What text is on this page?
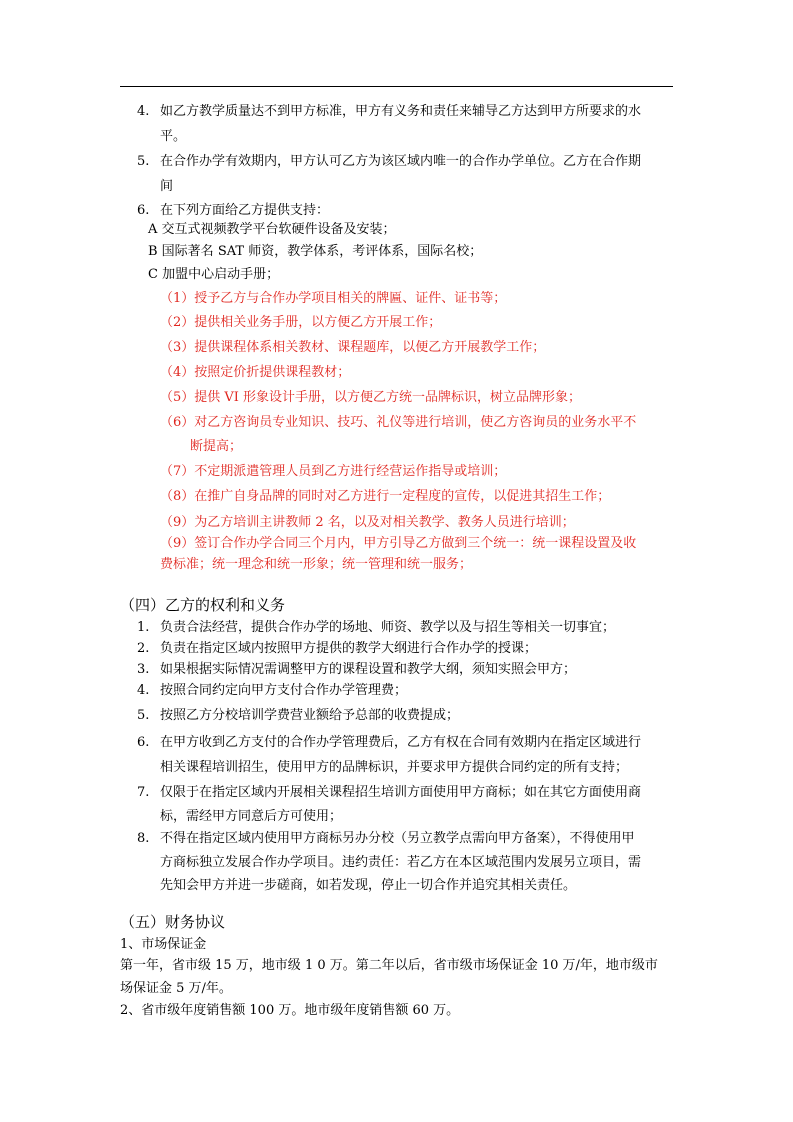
4. 如乙方教学质量达不到甲方标准，甲方有义务和责任来辅导乙方达到甲方所要求的水
平。
5. 在合作办学有效期内，甲方认可乙方为该区域内唯一的合作办学单位。乙方在合作期
间
6. 在下列方面给乙方提供支持：
A 交互式视频教学平台软硬件设备及安装；
B 国际著名 SAT 师资，教学体系，考评体系，国际名校；
C 加盟中心启动手册；
（1）授予乙方与合作办学项目相关的牌匾、证件、证书等；
（2）提供相关业务手册，以方便乙方开展工作；
（3）提供课程体系相关教材、课程题库，以便乙方开展教学工作；
（4）按照定价折提供课程教材；
（5）提供 VI 形象设计手册，以方便乙方统一品牌标识，树立品牌形象；
（6）对乙方咨询员专业知识、技巧、礼仪等进行培训，使乙方咨询员的业务水平不
断提高；
（7）不定期派遣管理人员到乙方进行经营运作指导或培训；
（8）在推广自身品牌的同时对乙方进行一定程度的宣传，以促进其招生工作；
（9）为乙方培训主讲教师 2 名，以及对相关教学、教务人员进行培训；
（9）签订合作办学合同三个月内，甲方引导乙方做到三个统一：统一课程设置及收
费标准；统一理念和统一形象；统一管理和统一服务；
（四）乙方的权利和义务
1. 负责合法经营，提供合作办学的场地、师资、教学以及与招生等相关一切事宜；
2. 负责在指定区域内按照甲方提供的教学大纲进行合作办学的授课；
3. 如果根据实际情况需调整甲方的课程设置和教学大纲，须知实照会甲方；
4. 按照合同约定向甲方支付合作办学管理费；
5. 按照乙方分校培训学费营业额给予总部的收费提成；
6. 在甲方收到乙方支付的合作办学管理费后，乙方有权在合同有效期内在指定区域进行
相关课程培训招生，使用甲方的品牌标识，并要求甲方提供合同约定的所有支持；
7. 仅限于在指定区域内开展相关课程招生培训方面使用甲方商标；如在其它方面使用商
标，需经甲方同意后方可使用；
8. 不得在指定区域内使用甲方商标另办分校（另立教学点需向甲方备案），不得使用甲
方商标独立发展合作办学项目。违约责任：若乙方在本区域范围内发展另立项目，需
先知会甲方并进一步磋商，如若发现，停止一切合作并追究其相关责任。
（五）财务协议
1、市场保证金
第一年，省市级 15 万，地市级 1 0 万。第二年以后，省市级市场保证金 10 万/年，地市级市
场保证金 5 万/年。
2、省市级年度销售额 100 万。地市级年度销售额 60 万。
